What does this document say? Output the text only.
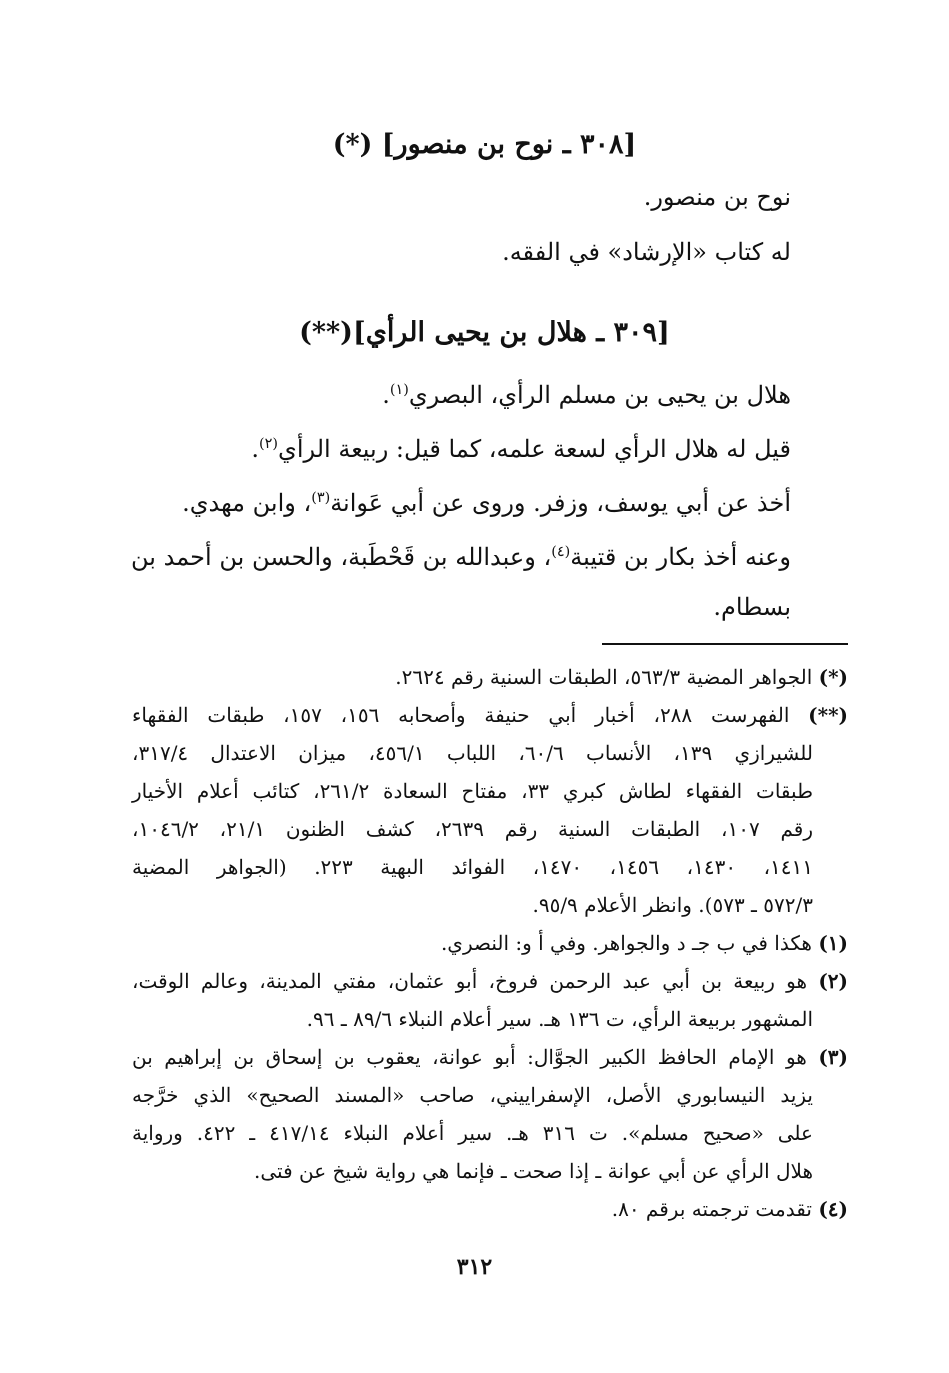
[٣٠٨ ـ نوح بن منصور] (*)
نوح بن منصور.
له كتاب «الإرشاد» في الفقه.
[٣٠٩ ـ هلال بن يحيى الرأي](**)
هلال بن يحيى بن مسلم الرأي، البصري$^{(١)}$.
قيل له هلال الرأي لسعة علمه، كما قيل: ربيعة الرأي$^{(٢)}$.
أخذ عن أبي يوسف، وزفر. وروى عن أبي عَوانة$^{(٣)}$، وابن مهدي.
وعنه أخذ بكار بن قتيبة$^{(٤)}$، وعبدالله بن قَحْطَبة، والحسن بن أحمد بن
بسطام.
(*) الجواهر المضية ٥٦٣/٣، الطبقات السنية رقم ٢٦٢٤.
(**) الفهرست ٢٨٨، أخبار أبي حنيفة وأصحابه ١٥٦، ١٥٧، طبقات الفقهاء
للشيرازي ١٣٩، الأنساب ٦٠/٦، اللباب ٤٥٦/١، ميزان الاعتدال ٣١٧/٤،
طبقات الفقهاء لطاش كبري ٣٣، مفتاح السعادة ٢٦١/٢، كتائب أعلام الأخيار
رقم ١٠٧، الطبقات السنية رقم ٢٦٣٩، كشف الظنون ٢١/١، ١٠٤٦/٢،
١٤١١، ١٤٣٠، ١٤٥٦، ١٤٧٠، الفوائد البهية ٢٢٣. (الجواهر المضية
٥٧٢/٣ ـ ٥٧٣). وانظر الأعلام ٩٥/٩.
(١) هكذا في ب جـ د والجواهر. وفي أ و: النصري.
(٢) هو ربيعة بن أبي عبد الرحمن فروخ، أبو عثمان، مفتي المدينة، وعالم الوقت،
المشهور بربيعة الرأي، ت ١٣٦ هـ. سير أعلام النبلاء ٨٩/٦ ـ ٩٦.
(٣) هو الإمام الحافظ الكبير الجوَّال: أبو عوانة، يعقوب بن إسحاق بن إبراهيم بن
يزيد النيسابوري الأصل، الإسفراييني، صاحب «المسند الصحيح» الذي خرَّجه
على «صحيح مسلم». ت ٣١٦ هـ. سير أعلام النبلاء ٤١٧/١٤ ـ ٤٢٢. ورواية
هلال الرأي عن أبي عوانة ـ إذا صحت ـ فإنما هي رواية شيخ عن فتى.
(٤) تقدمت ترجمته برقم ٨٠.
٣١٢
